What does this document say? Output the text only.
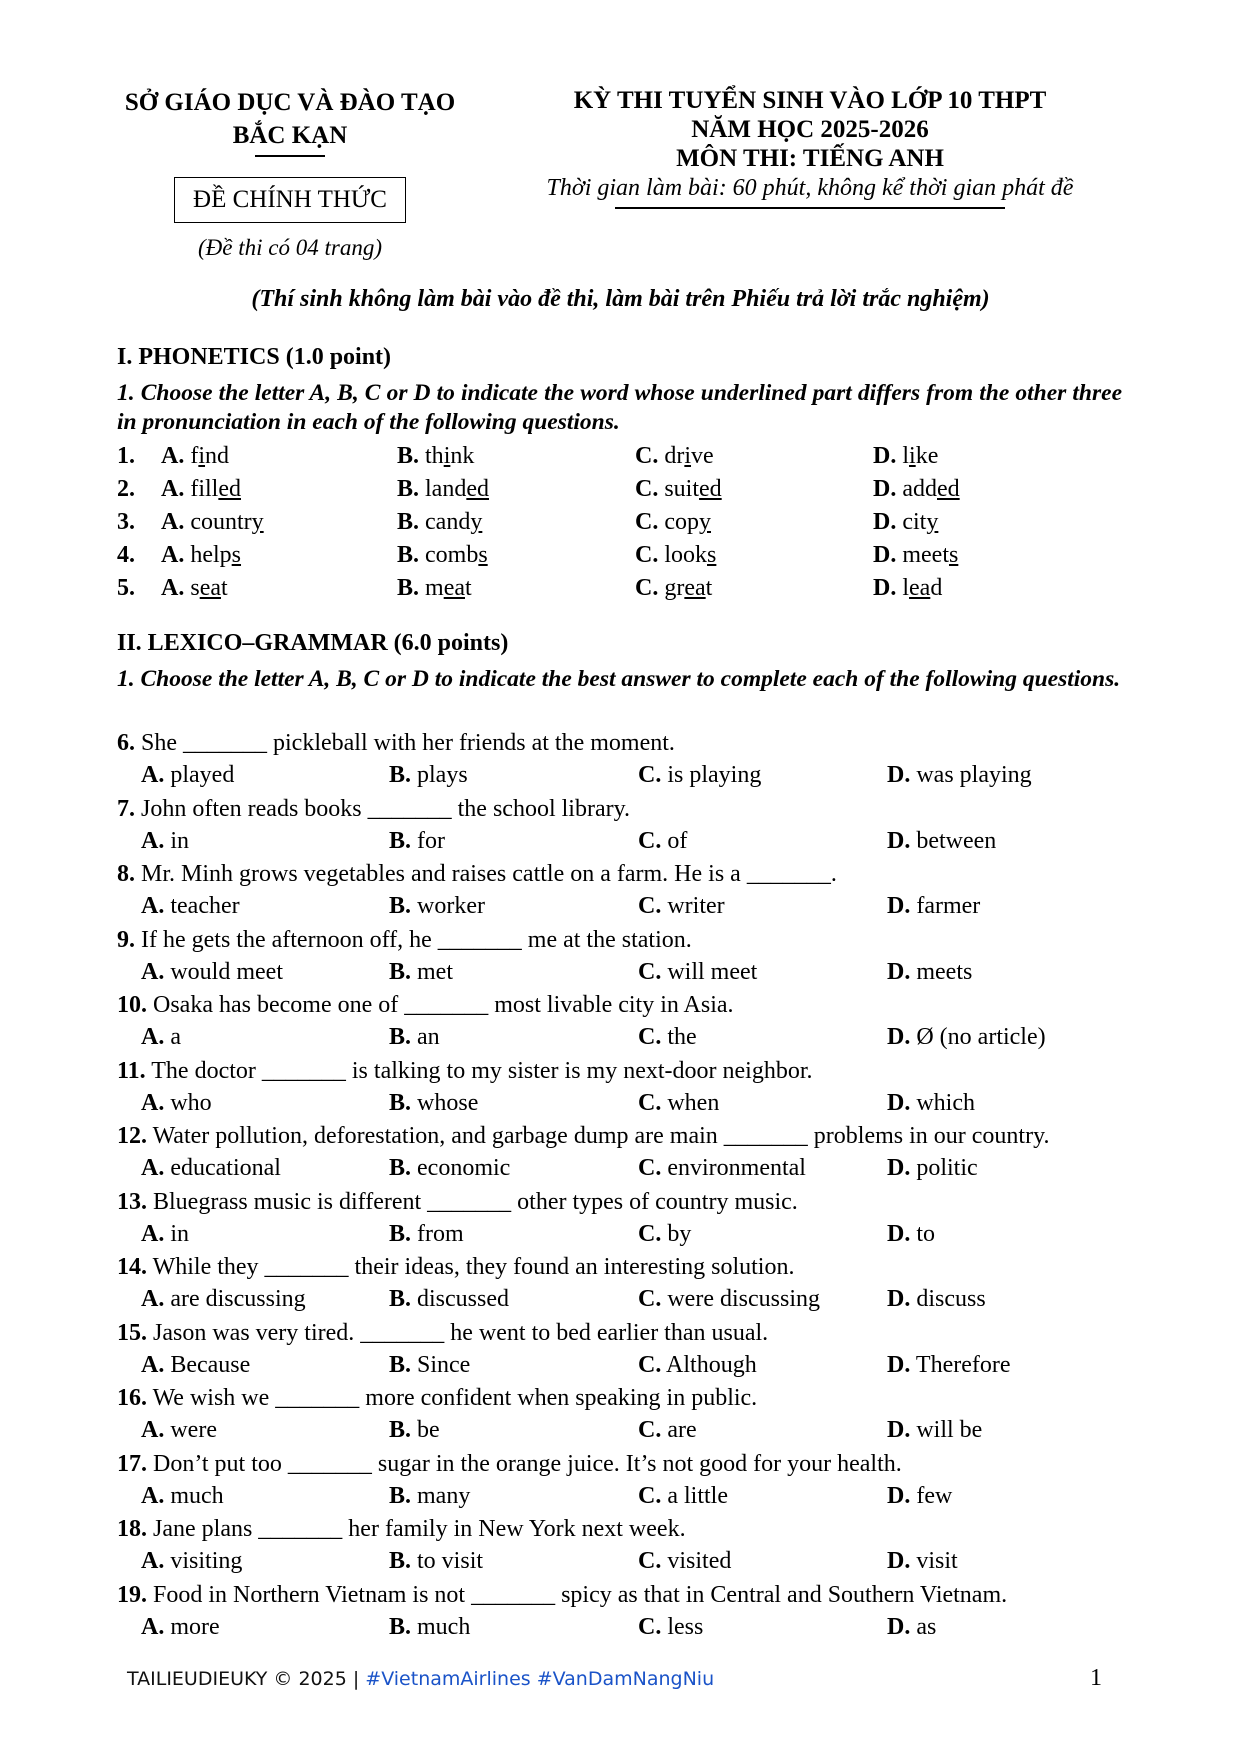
SỞ GIÁO DỤC VÀ ĐÀO TẠO
BẮC KẠN
ĐỀ CHÍNH THỨC
(Đề thi có 04 trang)
KỲ THI TUYỂN SINH VÀO LỚP 10 THPT
NĂM HỌC 2025-2026
MÔN THI: TIẾNG ANH
Thời gian làm bài: 60 phút, không kể thời gian phát đề
(Thí sinh không làm bài vào đề thi, làm bài trên Phiếu trả lời trắc nghiệm)
I. PHONETICS (1.0 point)
1. Choose the letter A, B, C or D to indicate the word whose underlined part differs from the other three in pronunciation in each of the following questions.
1. A. find	B. think	C. drive	D. like
2. A. filled	B. landed	C. suited	D. added
3. A. country	B. candy	C. copy	D. city
4. A. helps	B. combs	C. looks	D. meets
5. A. seat	B. meat	C. great	D. lead
II. LEXICO–GRAMMAR (6.0 points)
1. Choose the letter A, B, C or D to indicate the best answer to complete each of the following questions.
6. She _______ pickleball with her friends at the moment.
A. played	B. plays	C. is playing	D. was playing
7. John often reads books _______ the school library.
A. in	B. for	C. of	D. between
8. Mr. Minh grows vegetables and raises cattle on a farm. He is a _______.
A. teacher	B. worker	C. writer	D. farmer
9. If he gets the afternoon off, he _______ me at the station.
A. would meet	B. met	C. will meet	D. meets
10. Osaka has become one of _______ most livable city in Asia.
A. a	B. an	C. the	D. Ø (no article)
11. The doctor _______ is talking to my sister is my next-door neighbor.
A. who	B. whose	C. when	D. which
12. Water pollution, deforestation, and garbage dump are main _______ problems in our country.
A. educational	B. economic	C. environmental	D. politic
13. Bluegrass music is different _______ other types of country music.
A. in	B. from	C. by	D. to
14. While they _______ their ideas, they found an interesting solution.
A. are discussing	B. discussed	C. were discussing	D. discuss
15. Jason was very tired. _______ he went to bed earlier than usual.
A. Because	B. Since	C. Although	D. Therefore
16. We wish we _______ more confident when speaking in public.
A. were	B. be	C. are	D. will be
17. Don’t put too _______ sugar in the orange juice. It’s not good for your health.
A. much	B. many	C. a little	D. few
18. Jane plans _______ her family in New York next week.
A. visiting	B. to visit	C. visited	D. visit
19. Food in Northern Vietnam is not _______ spicy as that in Central and Southern Vietnam.
A. more	B. much	C. less	D. as
TAILIEUDIEUKY © 2025 | #VietnamAirlines #VanDamNangNiu	1
